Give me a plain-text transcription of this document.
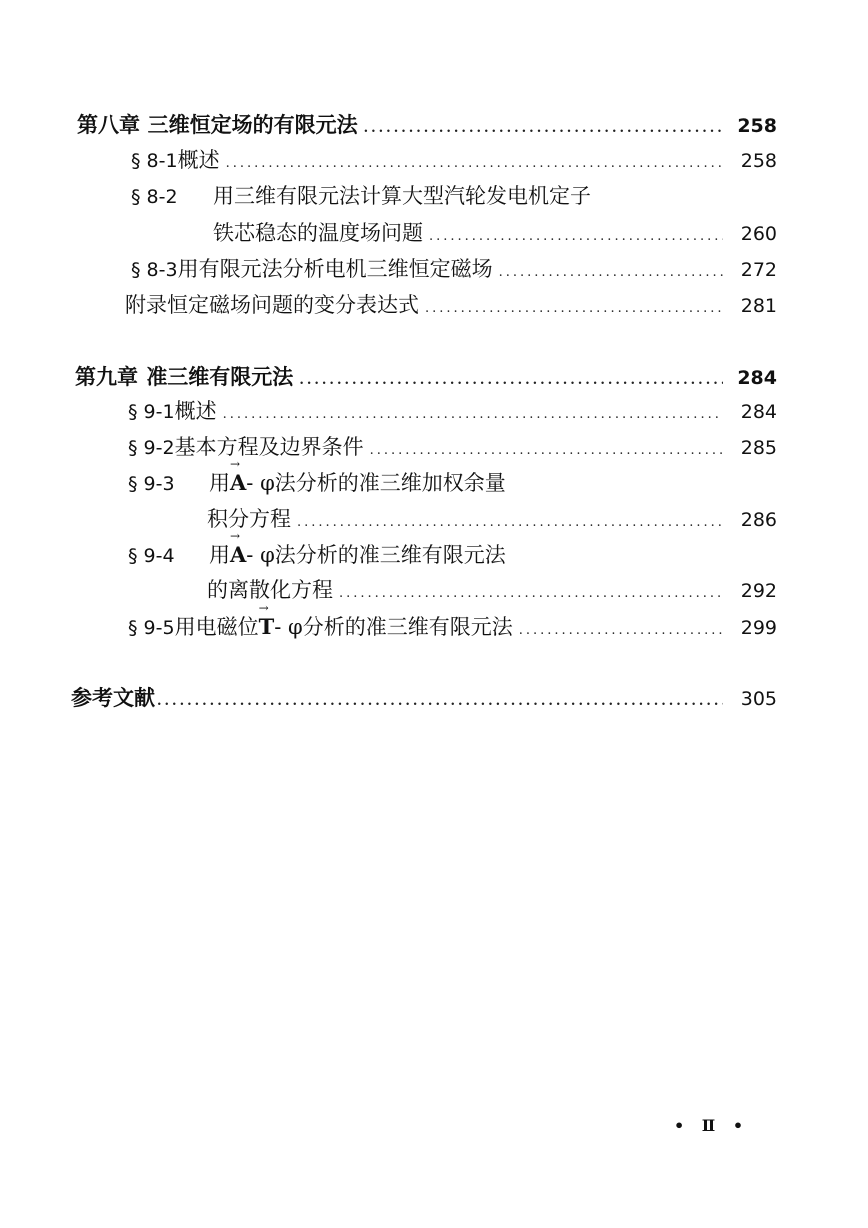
第八章 三维恒定场的有限元法 .....	258
§ 8-1 概述 .....	258
§ 8-2 用三维有限元法计算大型汽轮发电机定子
铁芯稳态的温度场问题 .....	260
§ 8-3 用有限元法分析电机三维恒定磁场 .....	272
附录 恒定磁场问题的变分表达式 .....	281
第九章 准三维有限元法 .....	284
§ 9-1 概述 .....	284
§ 9-2 基本方程及边界条件 .....	285
§ 9-3 用→ A- φ法分析的准三维加权余量
积分方程 .....	286
§ 9-4 用→ A- φ法分析的准三维有限元法
的离散化方程 .....	292
§ 9-5 用电磁位→ T- φ分析的准三维有限元法 .....	299
参考文献 .....	305
• Ⅱ •
